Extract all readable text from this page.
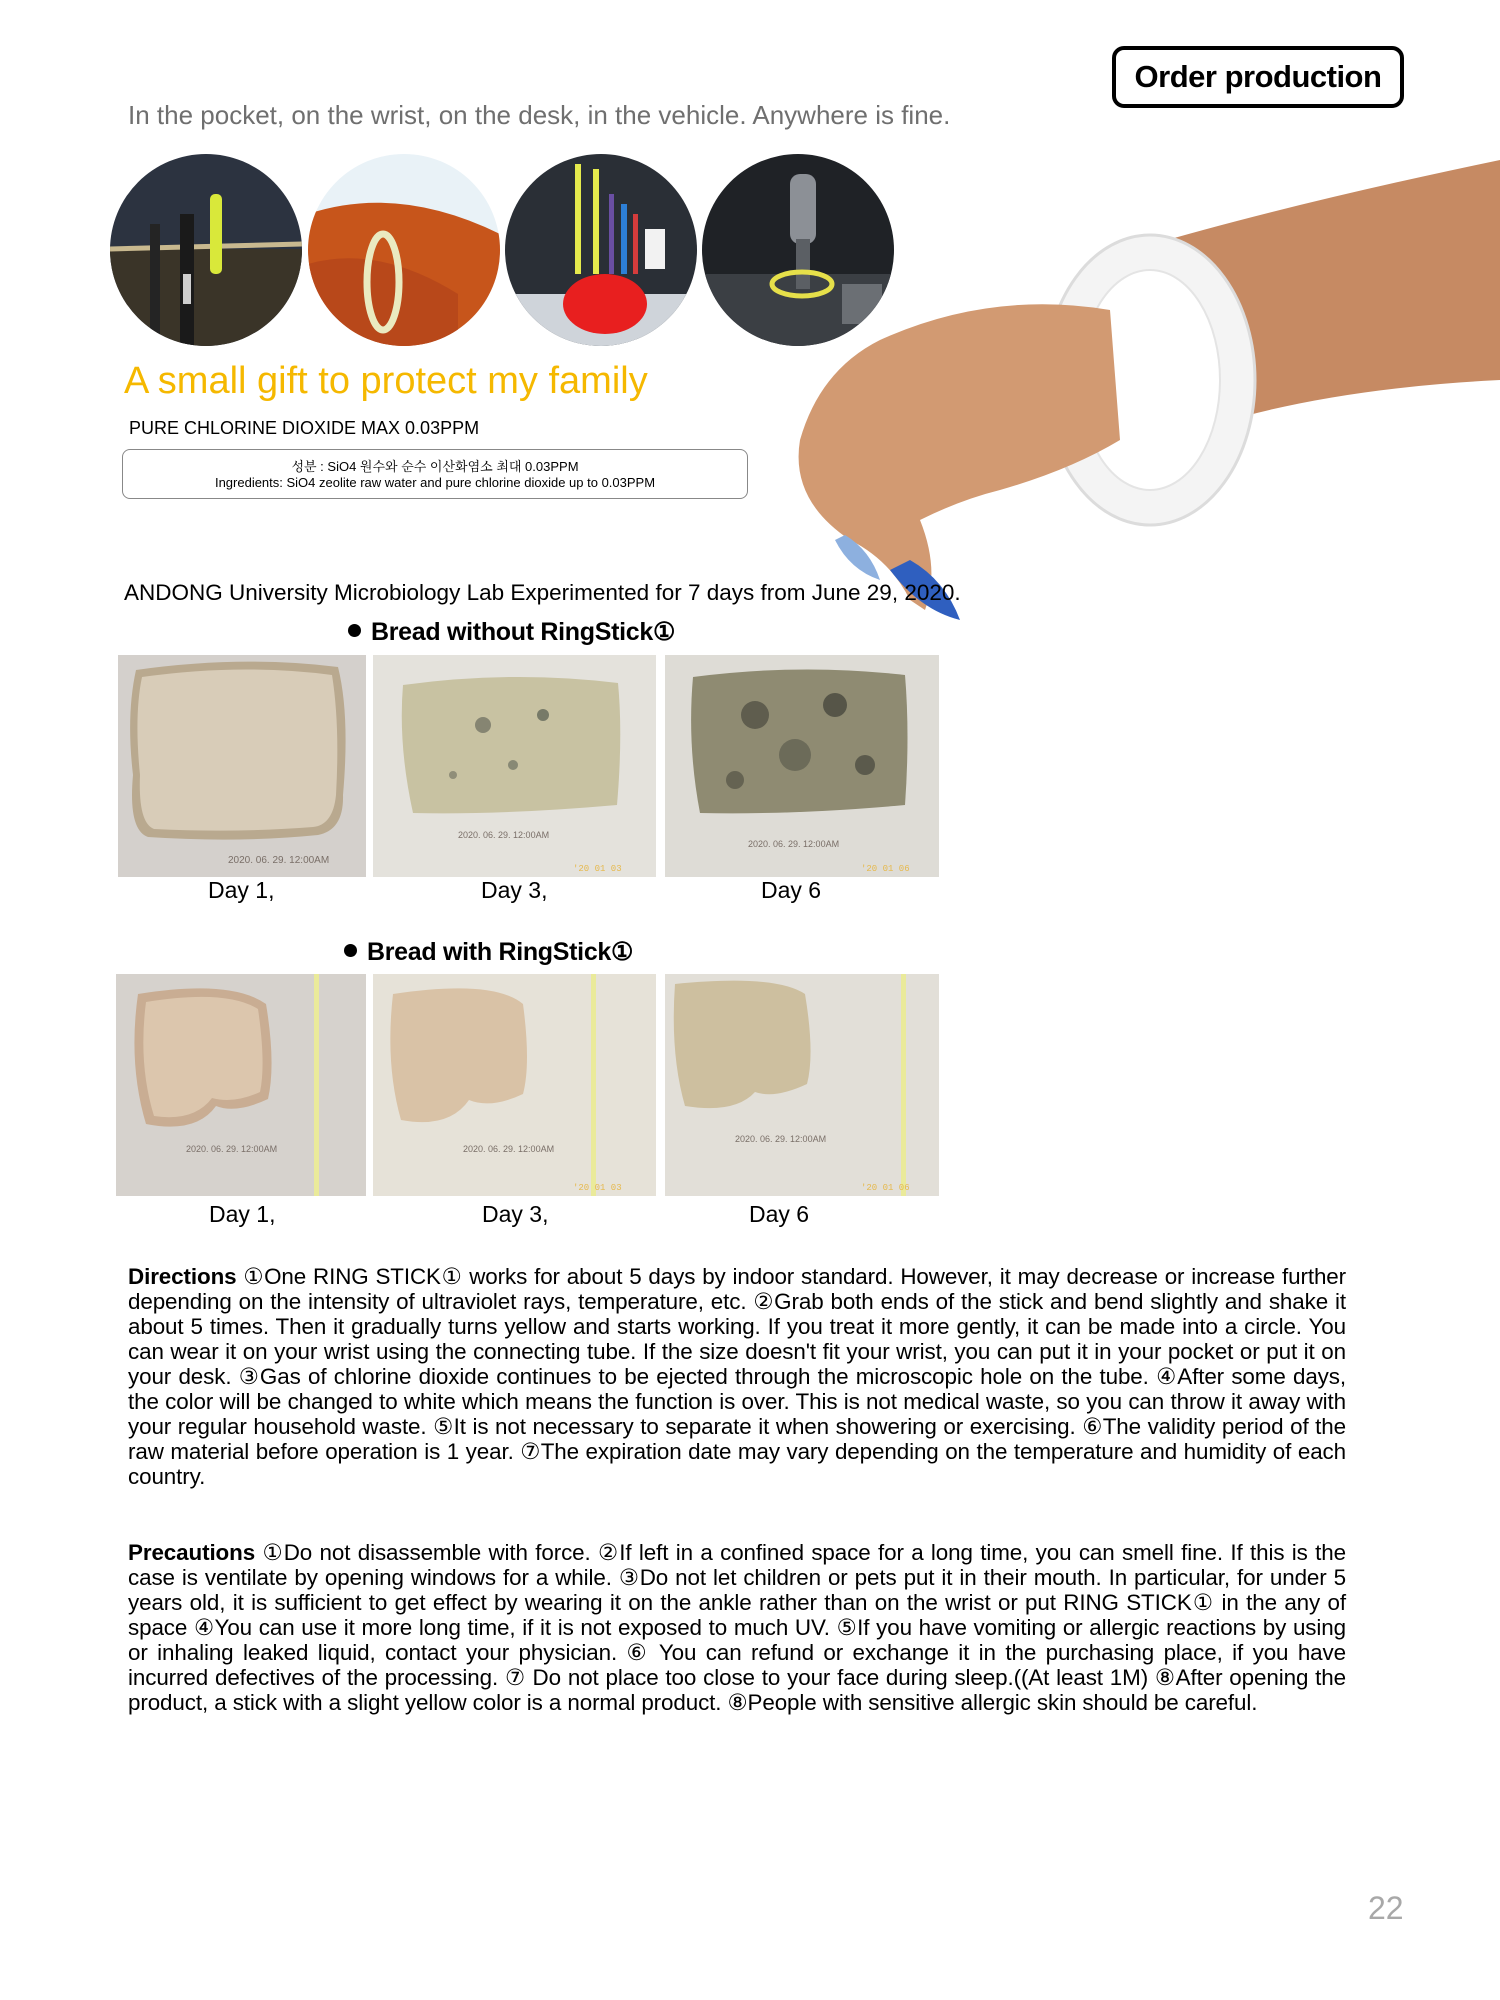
Order production
In the pocket, on the wrist, on the desk, in the vehicle. Anywhere is fine.
A small gift to protect my family
PURE CHLORINE DIOXIDE MAX 0.03PPM
성분 : SiO4 원수와 순수 이산화염소 최대 0.03PPM
Ingredients: SiO4 zeolite raw water and pure chlorine dioxide up to 0.03PPM
ANDONG University Microbiology Lab Experimented for 7 days from June 29, 2020.
Bread without RingStick①
2020. 06. 29. 12:00AM
2020. 06. 29. 12:00AM
'20 01 03
2020. 06. 29. 12:00AM
'20 01 06
Day 1,	Day 3,	Day 6
Bread with RingStick①
2020. 06. 29. 12:00AM	2020. 06. 29. 12:00AM
'20 01 03
2020. 06. 29. 12:00AM
'20 01 06
Day 1,	Day 3,	Day 6
Directions ①One RING STICK① works for about 5 days by indoor standard. However, it may decrease or increase further depending on the intensity of ultraviolet rays, temperature, etc. ②Grab both ends of the stick and bend slightly and shake it about 5 times. Then it gradually turns yellow and starts working. If you treat it more gently, it can be made into a circle. You can wear it on your wrist using the connecting tube. If the size doesn't fit your wrist, you can put it in your pocket or put it on your desk. ③Gas of chlorine dioxide continues to be ejected through the microscopic hole on the tube. ④After some days, the color will be changed to white which means the function is over. This is not medical waste, so you can throw it away with your regular household waste. ⑤It is not necessary to separate it when showering or exercising. ⑥The validity period of the raw material before operation is 1 year. ⑦The expiration date may vary depending on the temperature and humidity of each country.
Precautions ①Do not disassemble with force. ②If left in a confined space for a long time, you can smell fine. If this is the case is ventilate by opening windows for a while. ③Do not let children or pets put it in their mouth. In particular, for under 5 years old, it is sufficient to get effect by wearing it on the ankle rather than on the wrist or put RING STICK① in the any of space ④You can use it more long time, if it is not exposed to much UV. ⑤If you have vomiting or allergic reactions by using or inhaling leaked liquid, contact your physician. ⑥ You can refund or exchange it in the purchasing place, if you have incurred defectives of the processing. ⑦ Do not place too close to your face during sleep.((At least 1M) ⑧After opening the product, a stick with a slight yellow color is a normal product. ⑧People with sensitive allergic skin should be careful.
22
